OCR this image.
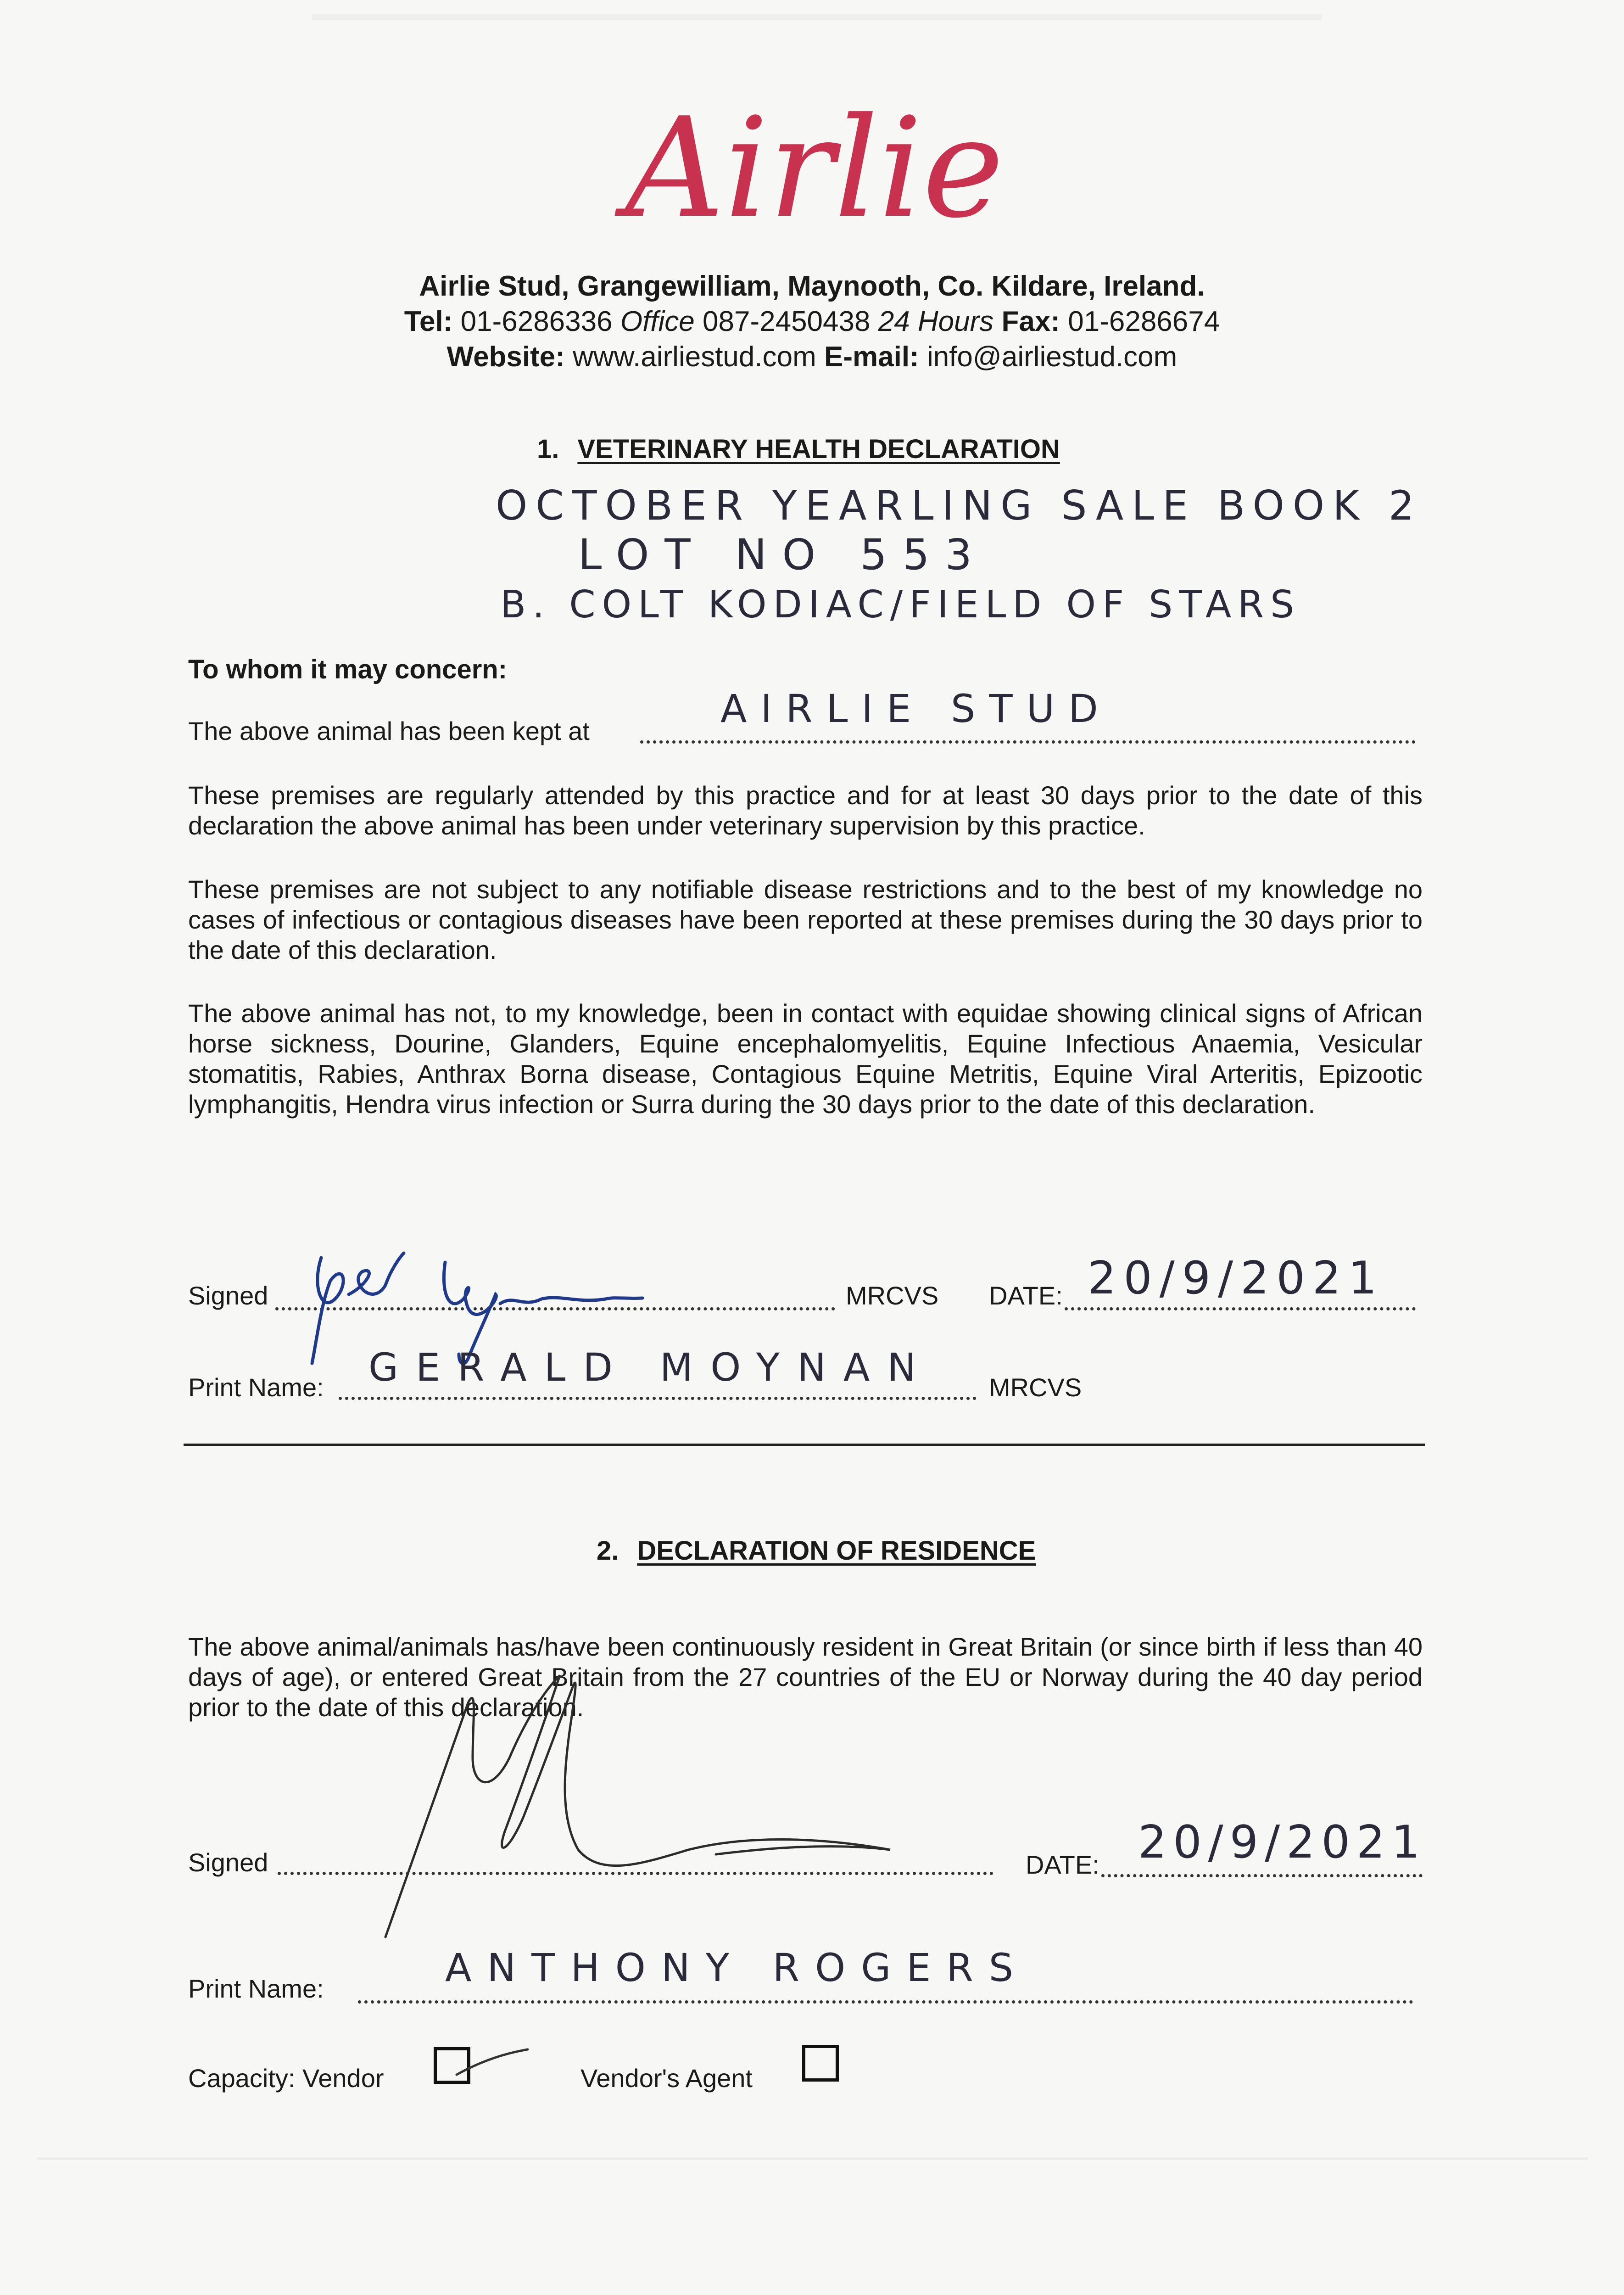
Airlie
Airlie Stud, Grangewilliam, Maynooth, Co. Kildare, Ireland.
Tel: 01-6286336 Office 087-2450438 24 Hours Fax: 01-6286674
Website: www.airliestud.com E-mail: info@airliestud.com
1. VETERINARY HEALTH DECLARATION
OCTOBER YEARLING SALE BOOK 2
LOT NO 553
B. COLT KODIAC/FIELD OF STARS
To whom it may concern:
The above animal has been kept at	AIRLIE STUD
These premises are regularly attended by this practice and for at least 30 days prior to the date of this declaration the above animal has been under veterinary supervision by this practice.
These premises are not subject to any notifiable disease restrictions and to the best of my knowledge no cases of infectious or contagious diseases have been reported at these premises during the 30 days prior to the date of this declaration.
The above animal has not, to my knowledge, been in contact with equidae showing clinical signs of African horse sickness, Dourine, Glanders, Equine encephalomyelitis, Equine Infectious Anaemia, Vesicular stomatitis, Rabies, Anthrax Borna disease, Contagious Equine Metritis, Equine Viral Arteritis, Epizootic lymphangitis, Hendra virus infection or Surra during the 30 days prior to the date of this declaration.
Signed	MRCVS DATE: 20/9/2021
Print Name: GERALD MOYNAN MRCVS
2. DECLARATION OF RESIDENCE
The above animal/animals has/have been continuously resident in Great Britain (or since birth if less than 40 days of age), or entered Great Britain from the 27 countries of the EU or Norway during the 40 day period prior to the date of this declaration.
Signed	DATE: 20/9/2021
Print Name:	ANTHONY ROGERS
Capacity: Vendor	Vendor's Agent
